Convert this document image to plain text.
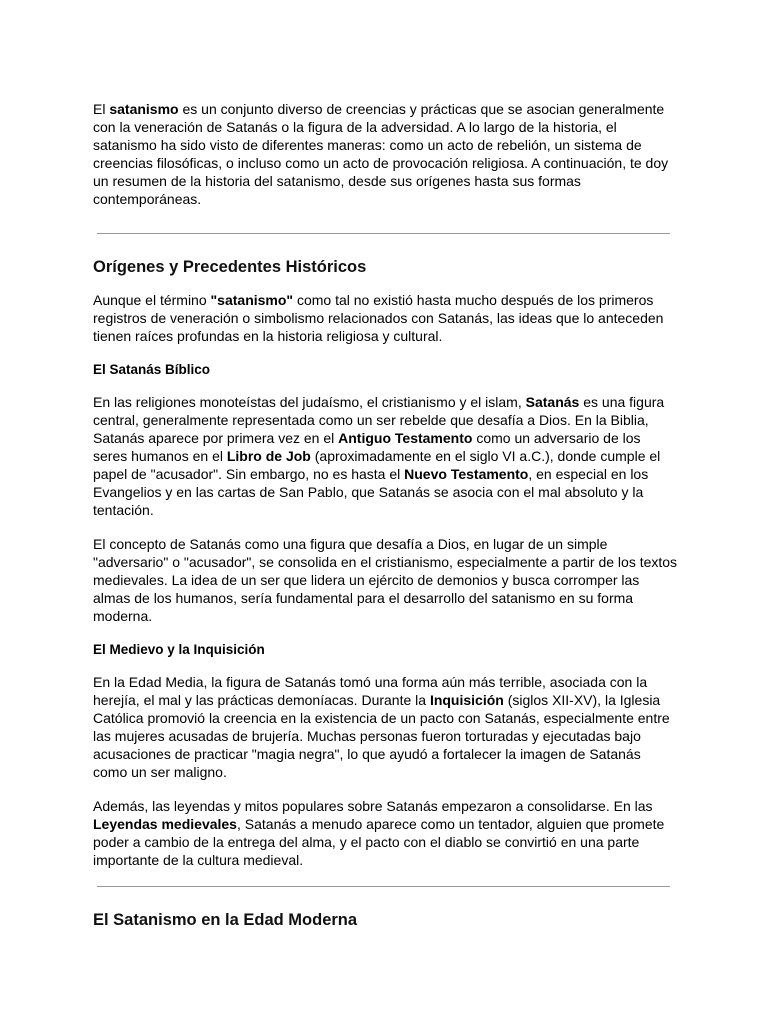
El satanismo es un conjunto diverso de creencias y prácticas que se asocian generalmente con la veneración de Satanás o la figura de la adversidad. A lo largo de la historia, el satanismo ha sido visto de diferentes maneras: como un acto de rebelión, un sistema de creencias filosóficas, o incluso como un acto de provocación religiosa. A continuación, te doy un resumen de la historia del satanismo, desde sus orígenes hasta sus formas contemporáneas.

Orígenes y Precedentes Históricos

Aunque el término "satanismo" como tal no existió hasta mucho después de los primeros registros de veneración o simbolismo relacionados con Satanás, las ideas que lo anteceden tienen raíces profundas en la historia religiosa y cultural.

El Satanás Bíblico

En las religiones monoteístas del judaísmo, el cristianismo y el islam, Satanás es una figura central, generalmente representada como un ser rebelde que desafía a Dios. En la Biblia, Satanás aparece por primera vez en el Antiguo Testamento como un adversario de los seres humanos en el Libro de Job (aproximadamente en el siglo VI a.C.), donde cumple el papel de "acusador". Sin embargo, no es hasta el Nuevo Testamento, en especial en los Evangelios y en las cartas de San Pablo, que Satanás se asocia con el mal absoluto y la tentación.

El concepto de Satanás como una figura que desafía a Dios, en lugar de un simple "adversario" o "acusador", se consolida en el cristianismo, especialmente a partir de los textos medievales. La idea de un ser que lidera un ejército de demonios y busca corromper las almas de los humanos, sería fundamental para el desarrollo del satanismo en su forma moderna.

El Medievo y la Inquisición

En la Edad Media, la figura de Satanás tomó una forma aún más terrible, asociada con la herejía, el mal y las prácticas demoníacas. Durante la Inquisición (siglos XII-XV), la Iglesia Católica promovió la creencia en la existencia de un pacto con Satanás, especialmente entre las mujeres acusadas de brujería. Muchas personas fueron torturadas y ejecutadas bajo acusaciones de practicar "magia negra", lo que ayudó a fortalecer la imagen de Satanás como un ser maligno.

Además, las leyendas y mitos populares sobre Satanás empezaron a consolidarse. En las Leyendas medievales, Satanás a menudo aparece como un tentador, alguien que promete poder a cambio de la entrega del alma, y el pacto con el diablo se convirtió en una parte importante de la cultura medieval.

El Satanismo en la Edad Moderna
